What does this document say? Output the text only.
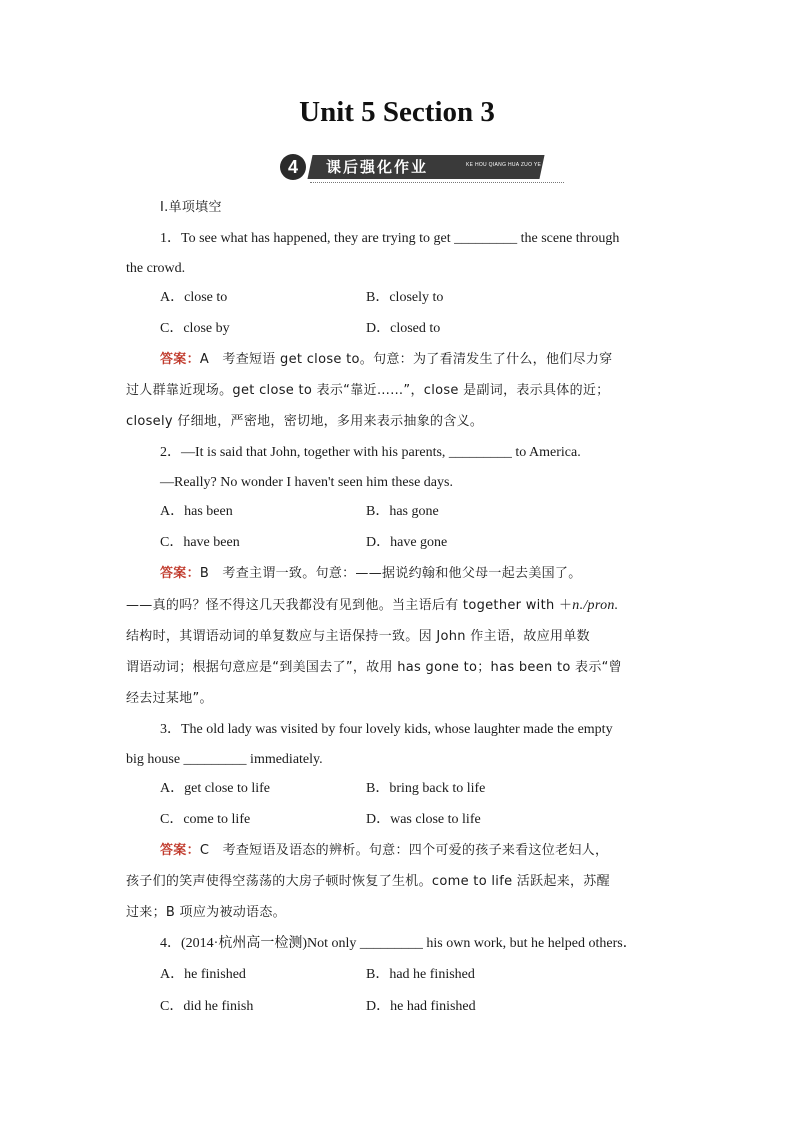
Unit 5 Section 3
4	课后强化作业	KE HOU QIANG HUA ZUO YE
Ⅰ.单项填空
1．To see what has happened, they are trying to get _________ the scene through
the crowd.
A．close to	B．closely to
C．close by	D．closed to
答案：A　考查短语 get close to。句意：为了看清发生了什么，他们尽力穿
过人群靠近现场。get close to 表示“靠近……”，close 是副词，表示具体的近；
closely 仔细地，严密地，密切地，多用来表示抽象的含义。
2．—It is said that John, together with his parents, _________ to America.
—Really? No wonder I haven't seen him these days.
A．has been	B．has gone
C．have been	D．have gone
答案：B　考查主谓一致。句意：——据说约翰和他父母一起去美国了。
——真的吗？怪不得这几天我都没有见到他。当主语后有 together with ＋n./pron.
结构时，其谓语动词的单复数应与主语保持一致。因 John 作主语，故应用单数
谓语动词；根据句意应是“到美国去了”，故用 has gone to；has been to 表示“曾
经去过某地”。
3．The old lady was visited by four lovely kids, whose laughter made the empty
big house _________ immediately.
A．get close to life	B．bring back to life
C．come to life	D．was close to life
答案：C　考查短语及语态的辨析。句意：四个可爱的孩子来看这位老妇人，
孩子们的笑声使得空荡荡的大房子顿时恢复了生机。come to life 活跃起来，苏醒
过来；B 项应为被动语态。
4．(2014·杭州高一检测)Not only _________ his own work, but he helped others．
A．he finished	B．had he finished
C．did he finish	D．he had finished
